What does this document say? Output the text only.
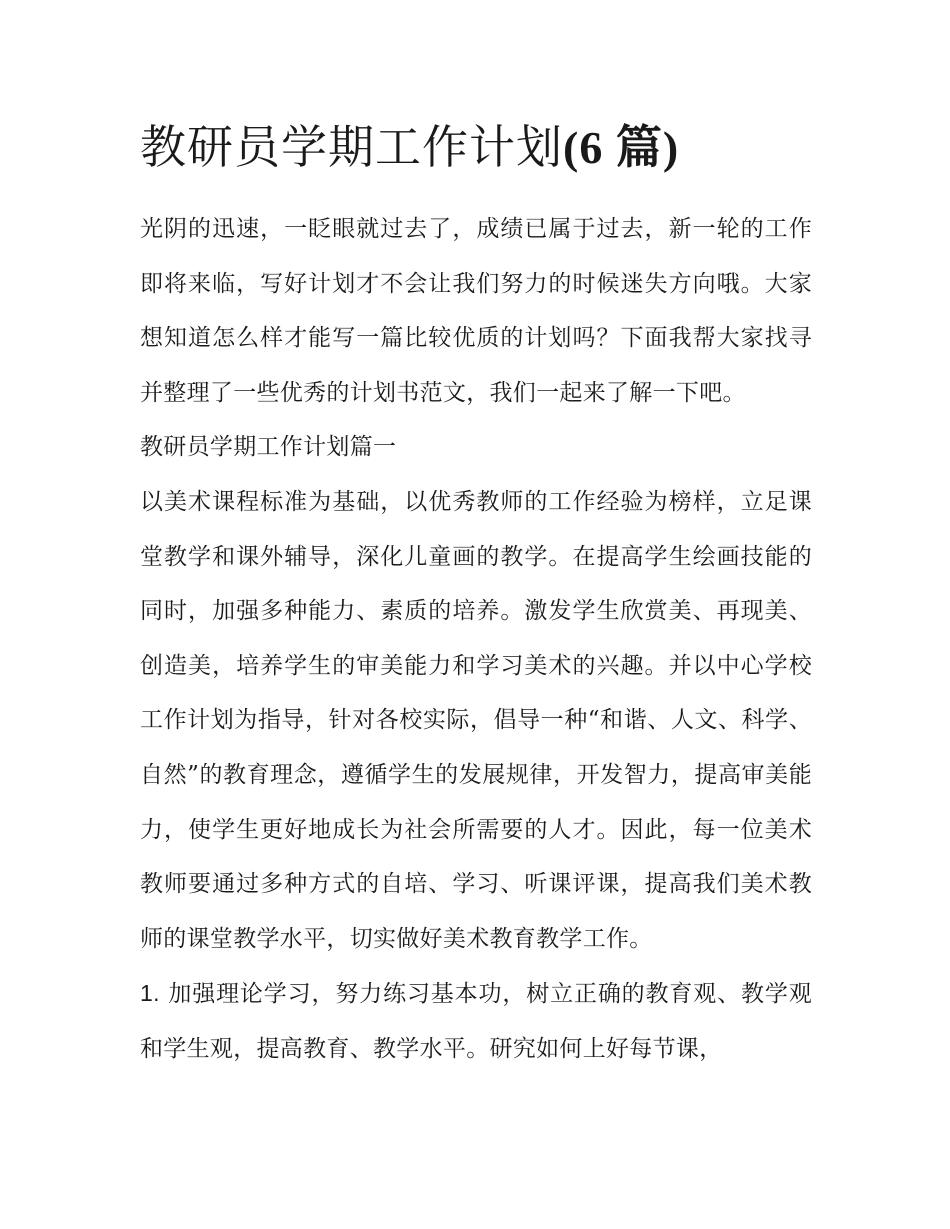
教研员学期工作计划(6 篇)

光阴的迅速，一眨眼就过去了，成绩已属于过去，新一轮的工作即将来临，写好计划才不会让我们努力的时候迷失方向哦。大家想知道怎么样才能写一篇比较优质的计划吗？下面我帮大家找寻并整理了一些优秀的计划书范文，我们一起来了解一下吧。

教研员学期工作计划篇一

以美术课程标准为基础，以优秀教师的工作经验为榜样，立足课堂教学和课外辅导，深化儿童画的教学。在提高学生绘画技能的同时，加强多种能力、素质的培养。激发学生欣赏美、再现美、创造美，培养学生的审美能力和学习美术的兴趣。并以中心学校工作计划为指导，针对各校实际，倡导一种“和谐、人文、科学、自然”的教育理念，遵循学生的发展规律，开发智力，提高审美能力，使学生更好地成长为社会所需要的人才。因此，每一位美术教师要通过多种方式的自培、学习、听课评课，提高我们美术教师的课堂教学水平，切实做好美术教育教学工作。

1. 加强理论学习，努力练习基本功，树立正确的教育观、教学观和学生观，提高教育、教学水平。研究如何上好每节课，
